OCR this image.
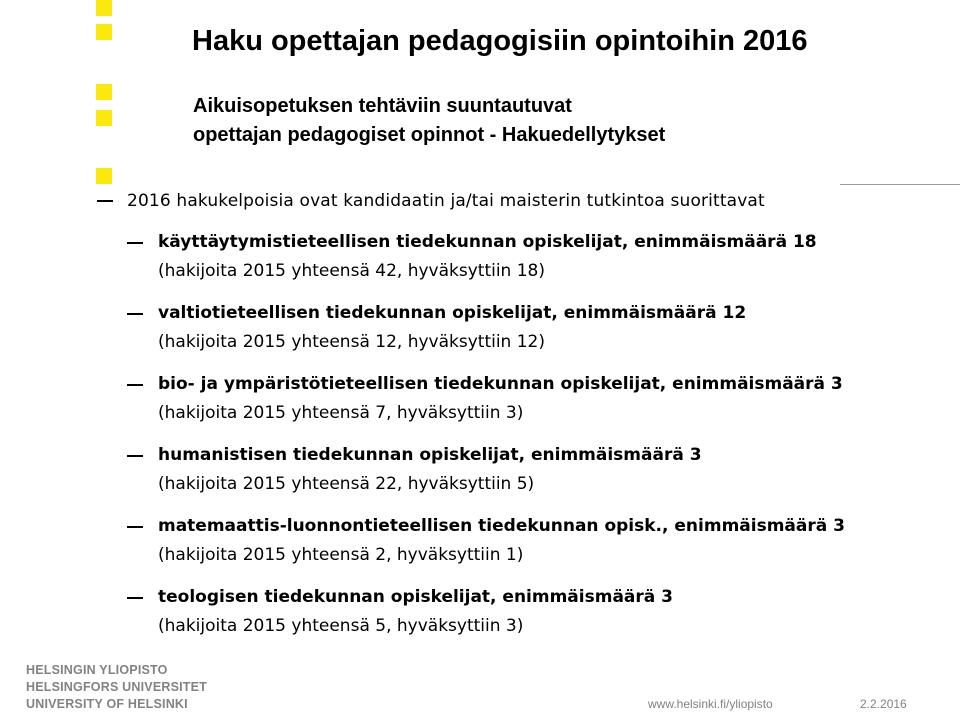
Haku opettajan pedagogisiin opintoihin 2016
Aikuisopetuksen tehtäviin suuntautuvat
opettajan pedagogiset opinnot - Hakuedellytykset
2016 hakukelpoisia ovat kandidaatin ja/tai maisterin tutkintoa suorittavat
käyttäytymistieteellisen tiedekunnan opiskelijat, enimmäismäärä 18
(hakijoita 2015 yhteensä 42, hyväksyttiin 18)
valtiotieteellisen tiedekunnan opiskelijat, enimmäismäärä 12
(hakijoita 2015 yhteensä 12, hyväksyttiin 12)
bio- ja ympäristötieteellisen tiedekunnan opiskelijat, enimmäismäärä 3
(hakijoita 2015 yhteensä 7, hyväksyttiin 3)
humanistisen tiedekunnan opiskelijat, enimmäismäärä 3
(hakijoita 2015 yhteensä 22, hyväksyttiin 5)
matemaattis-luonnontieteellisen tiedekunnan opisk., enimmäismäärä 3
(hakijoita 2015 yhteensä 2, hyväksyttiin 1)
teologisen tiedekunnan opiskelijat, enimmäismäärä 3
(hakijoita 2015 yhteensä 5, hyväksyttiin 3)
HELSINGIN YLIOPISTO
HELSINGFORS UNIVERSITET
UNIVERSITY OF HELSINKI	www.helsinki.fi/yliopisto	2.2.2016
